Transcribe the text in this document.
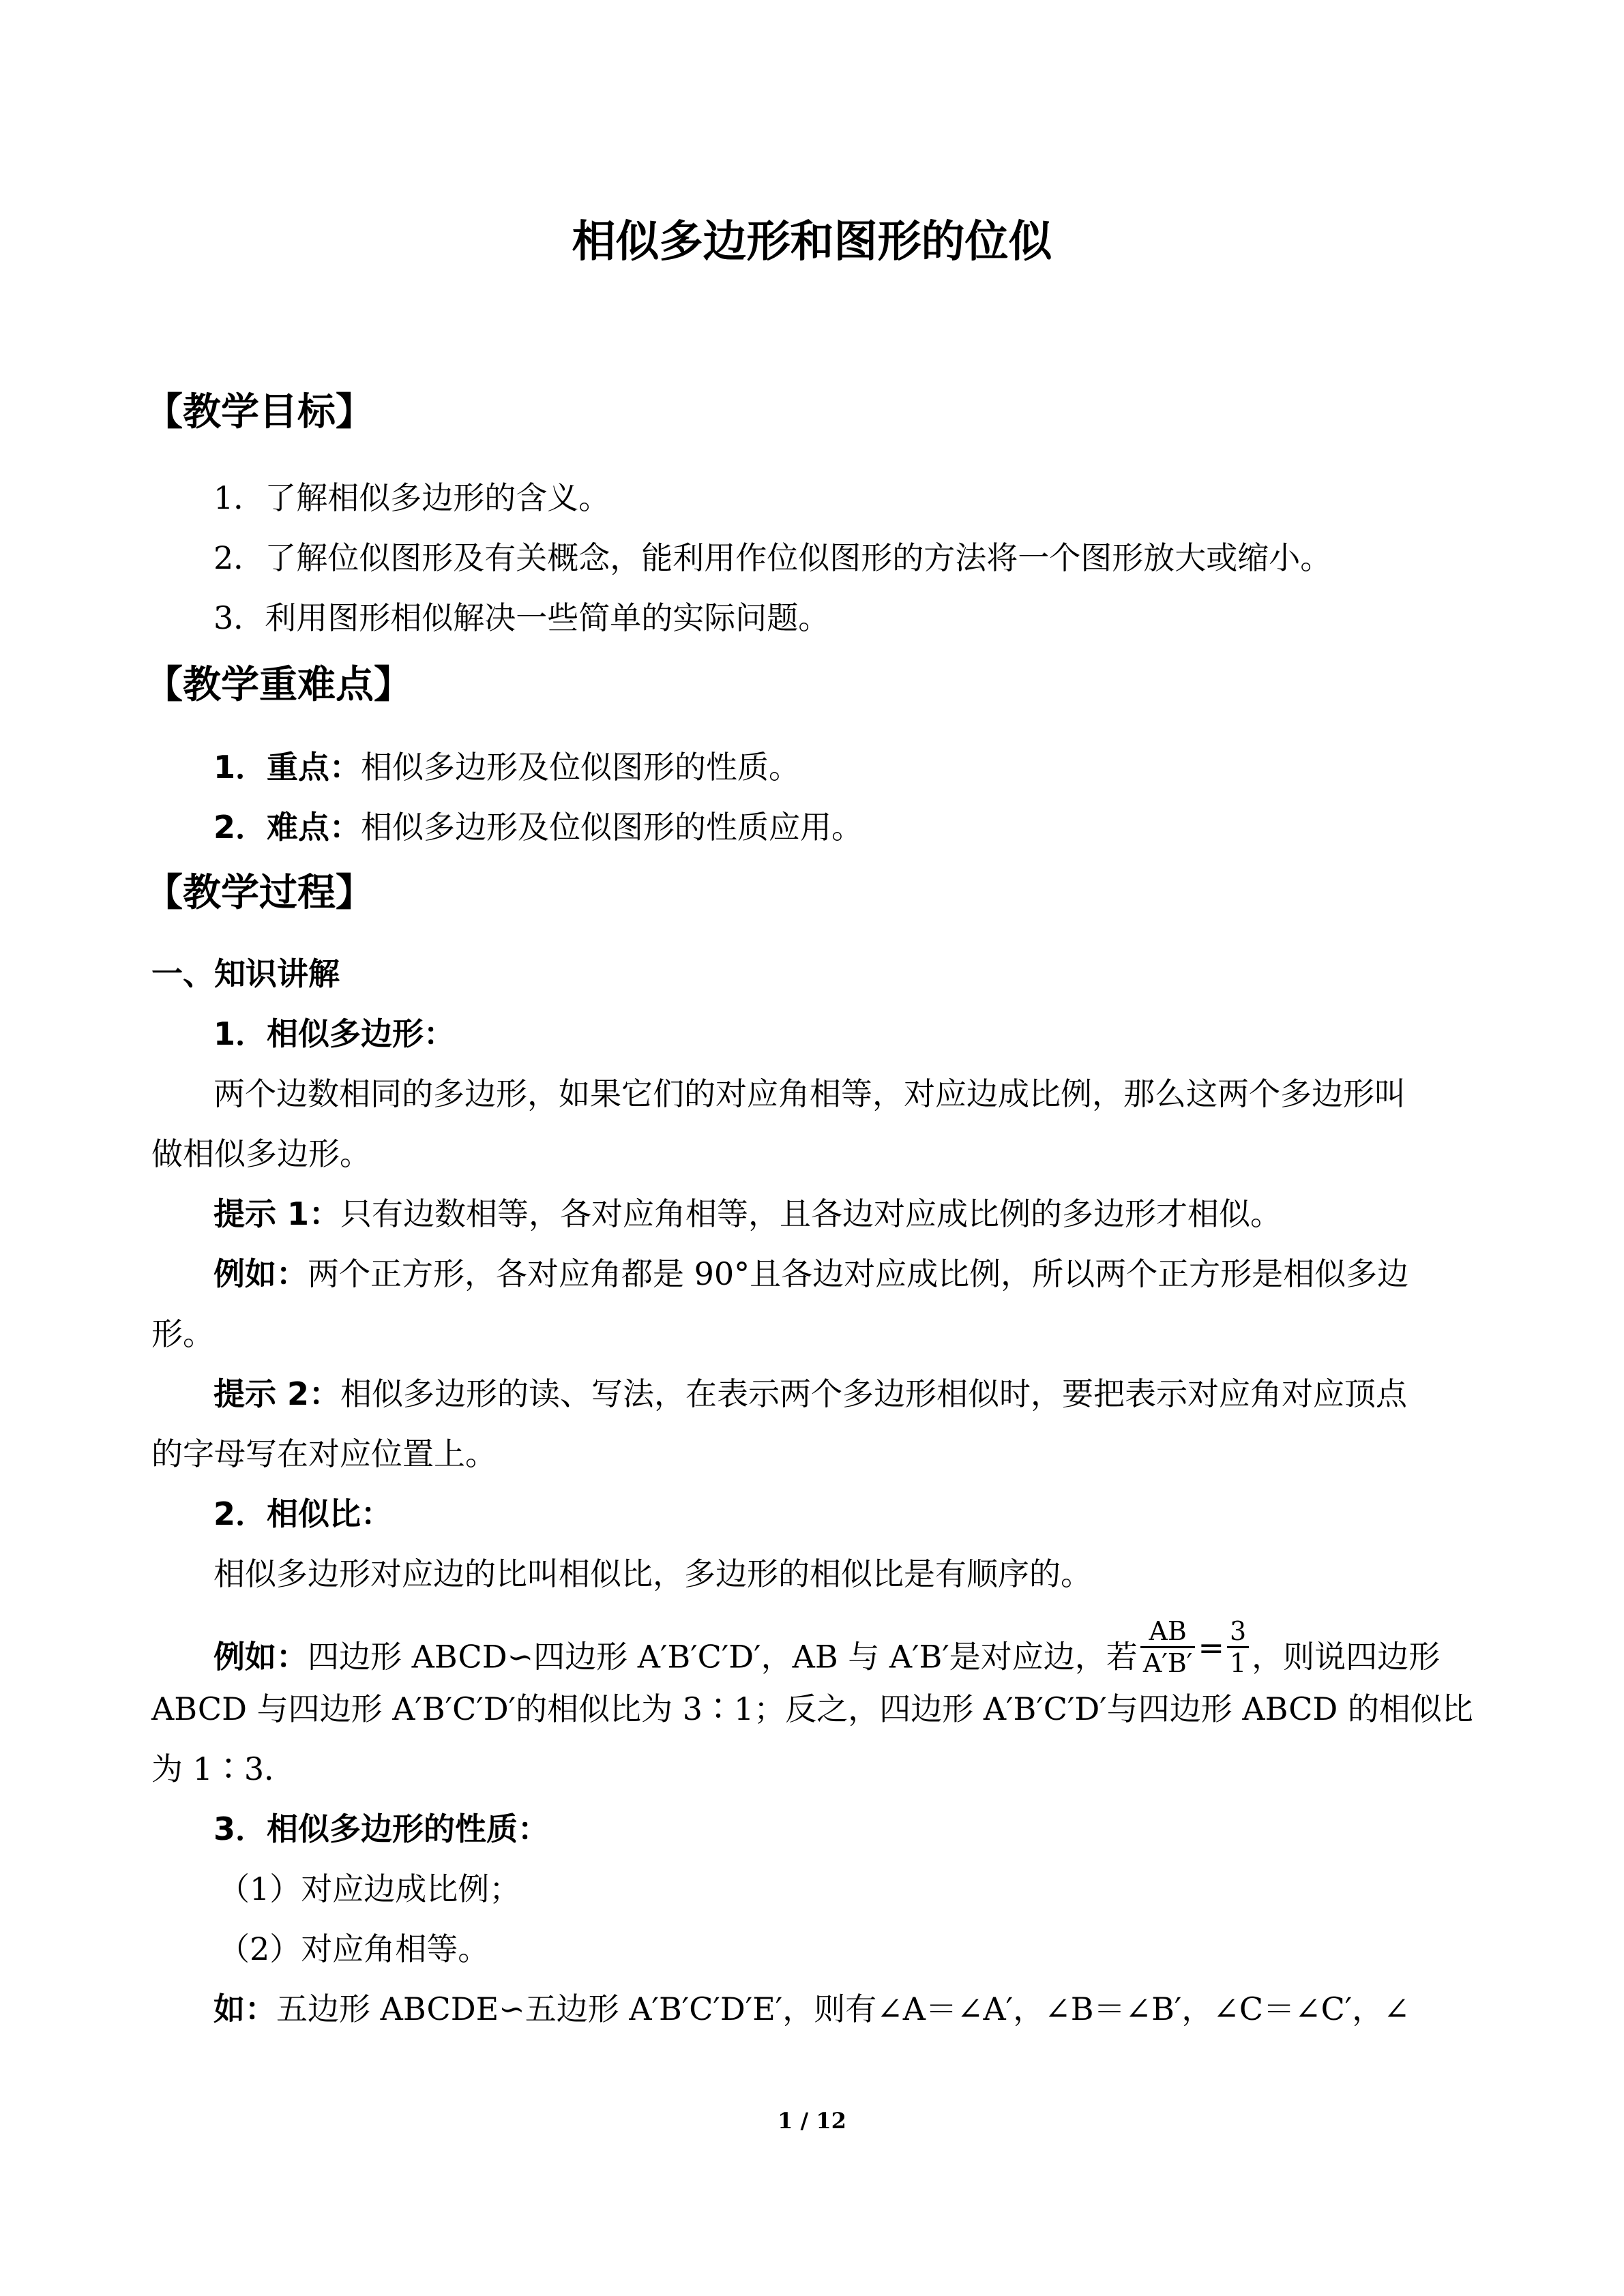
相似多边形和图形的位似
【教学目标】
1．了解相似多边形的含义。
2．了解位似图形及有关概念，能利用作位似图形的方法将一个图形放大或缩小。
3．利用图形相似解决一些简单的实际问题。
【教学重难点】
1．重点：相似多边形及位似图形的性质。
2．难点：相似多边形及位似图形的性质应用。
【教学过程】
一、知识讲解
1．相似多边形：
两个边数相同的多边形，如果它们的对应角相等，对应边成比例，那么这两个多边形叫
做相似多边形。
提示 1：只有边数相等，各对应角相等，且各边对应成比例的多边形才相似。
例如：两个正方形，各对应角都是 90°且各边对应成比例，所以两个正方形是相似多边
形。
提示 2：相似多边形的读、写法，在表示两个多边形相似时，要把表示对应角对应顶点
的字母写在对应位置上。
2．相似比：
相似多边形对应边的比叫相似比，多边形的相似比是有顺序的。
例如：四边形 ABCD∽四边形 A′B′C′D′，AB 与 A′B′是对应边，若 $\frac{AB}{A'B'} = \frac{3}{1}$ ，则说四边形
ABCD 与四边形 A′B′C′D′的相似比为 3∶1；反之，四边形 A′B′C′D′与四边形 ABCD 的相似比
为 1∶3．
3．相似多边形的性质：
（1）对应边成比例；
（2）对应角相等。
如：五边形 ABCDE∽五边形 A′B′C′D′E′，则有∠A＝∠A′，∠B＝∠B′，∠C＝∠C′，∠
1 / 12
